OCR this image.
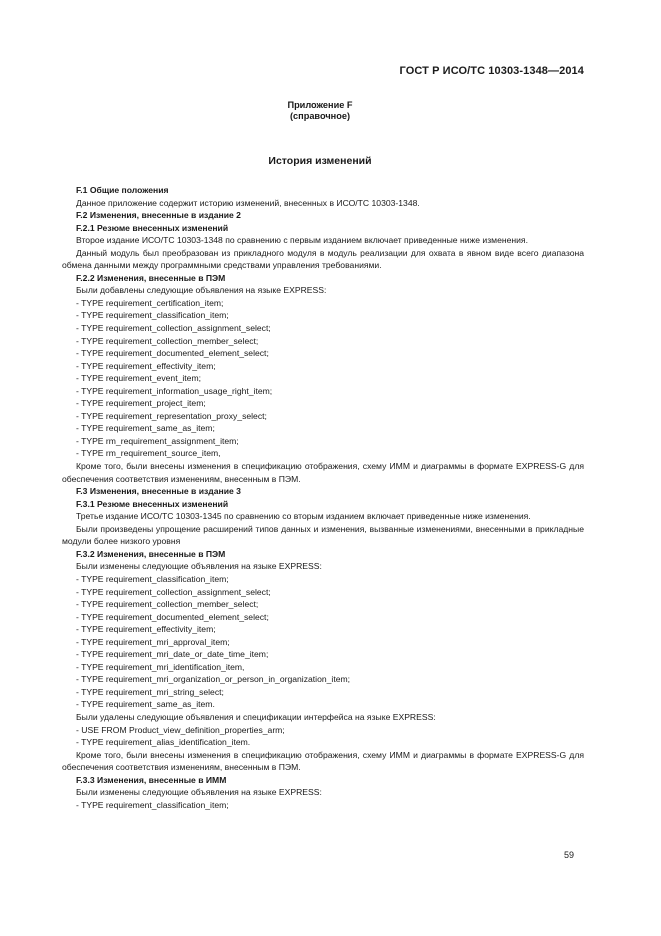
ГОСТ Р ИСО/ТС 10303-1348—2014
Приложение F
(справочное)
История изменений

F.1 Общие положения

Данное приложение содержит историю изменений, внесенных в ИСО/ТС 10303-1348.

F.2 Изменения, внесенные в издание 2

F.2.1 Резюме внесенных изменений

Второе издание ИСО/ТС 10303-1348 по сравнению с первым изданием включает приведенные ниже изменения.

Данный модуль был преобразован из прикладного модуля в модуль реализации для охвата в явном виде всего диапазона обмена данными между программными средствами управления требованиями.

F.2.2 Изменения, внесенные в ПЭМ

Были добавлены следующие объявления на языке EXPRESS:

- TYPE requirement_certification_item;

- TYPE requirement_classification_item;

- TYPE requirement_collection_assignment_select;

- TYPE requirement_collection_member_select;

- TYPE requirement_documented_element_select;

- TYPE requirement_effectivity_item;

- TYPE requirement_event_item;

- TYPE requirement_information_usage_right_item;

- TYPE requirement_project_item;

- TYPE requirement_representation_proxy_select;

- TYPE requirement_same_as_item;

- TYPE rm_requirement_assignment_item;

- TYPE rm_requirement_source_item,

Кроме того, были внесены изменения в спецификацию отображения, схему ИММ и диаграммы в формате EXPRESS-G для обеспечения соответствия изменениям, внесенным в ПЭМ.

F.3 Изменения, внесенные в издание 3

F.3.1 Резюме внесенных изменений

Третье издание ИСО/ТС 10303-1345 по сравнению со вторым изданием включает приведенные ниже изменения.

Были произведены упрощение расширений типов данных и изменения, вызванные изменениями, внесенными в прикладные модули более низкого уровня

F.3.2 Изменения, внесенные в ПЭМ

Были изменены следующие объявления на языке EXPRESS:

- TYPE requirement_classification_item;

- TYPE requirement_collection_assignment_select;

- TYPE requirement_collection_member_select;

- TYPE requirement_documented_element_select;

- TYPE requirement_effectivity_item;

- TYPE requirement_mri_approval_item;

- TYPE requirement_mri_date_or_date_time_item;

- TYPE requirement_mri_identification_item,

- TYPE requirement_mri_organization_or_person_in_organization_item;

- TYPE requirement_mri_string_select;

- TYPE requirement_same_as_item.

Были удалены следующие объявления и спецификации интерфейса на языке EXPRESS:

- USE FROM Product_view_definition_properties_arm;

- TYPE requirement_alias_identification_item.

Кроме того, были внесены изменения в спецификацию отображения, схему ИММ и диаграммы в формате EXPRESS-G для обеспечения соответствия изменениям, внесенным в ПЭМ.

F.3.3 Изменения, внесенные в ИММ

Были изменены следующие объявления на языке EXPRESS:

- TYPE requirement_classification_item;

59
